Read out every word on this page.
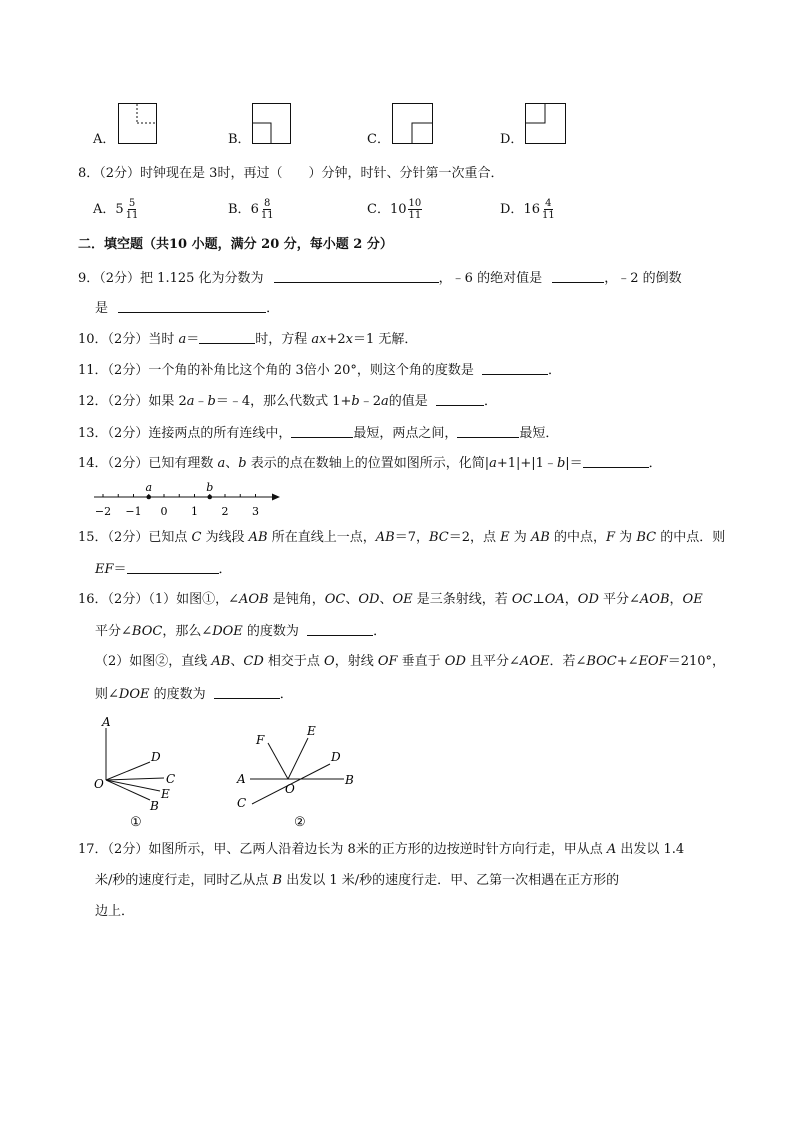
A．	B．	C．	D．
8．（2分）时钟现在是 3时，再过（　　）分钟，时针、分针第一次重合．
A．$5 \frac{5}{11}$	B．$6 \frac{8}{11}$	C．$10 \frac{10}{11}$	D．$16 \frac{4}{11}$
二．填空题（共10 小题，满分 20 分，每小题 2 分）
9．（2分）把 1.125 化为分数为	，﹣6 的绝对值是	，﹣2 的倒数
是	．
10．（2分）当时 a＝	时，方程 ax+2x＝1 无解．
11．（2分）一个角的补角比这个角的 3倍小 20°，则这个角的度数是	．
12．（2分）如果 2a﹣b＝﹣4，那么代数式 1+b﹣2a的值是	．
13．（2分）连接两点的所有连线中，	最短，两点之间，	最短．
14．（2分）已知有理数 a、b 表示的点在数轴上的位置如图所示，化简|a+1|+|1﹣b|＝	．
−2 −1 0 1 2 3
a	b
15．（2分）已知点 C 为线段 AB 所在直线上一点，AB＝7，BC＝2，点 E 为 AB 的中点，F 为 BC 的中点．则
EF＝	．
16．（2分）（1）如图①，∠AOB 是钝角，OC、OD、OE 是三条射线，若 OC⊥OA，OD 平分∠AOB，OE
平分∠BOC，那么∠DOE 的度数为	．
（2）如图②，直线 AB、CD 相交于点 O，射线 OF 垂直于 OD 且平分∠AOE．若∠BOC+∠EOF＝210°，
则∠DOE 的度数为	．
A
D
O	C
E
B
①
F
E
D
A
O
B
C
②
17．（2分）如图所示，甲、乙两人沿着边长为 8米的正方形的边按逆时针方向行走，甲从点 A 出发以 1.4
米/秒的速度行走，同时乙从点 B 出发以 1 米/秒的速度行走．甲、乙第一次相遇在正方形的
边上．
